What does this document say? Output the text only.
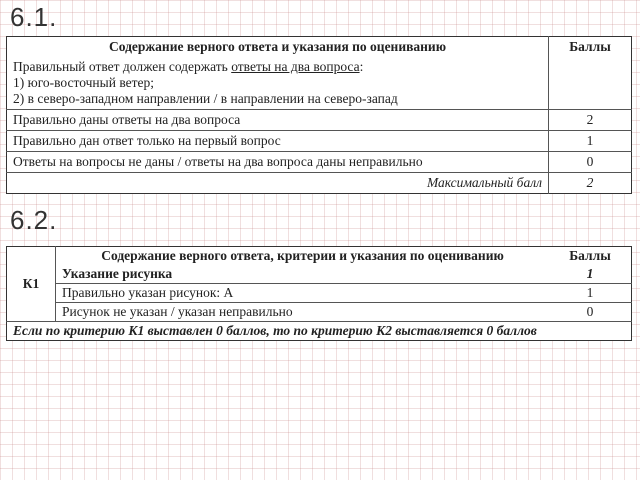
6.1.
Содержание верного ответа и указания по оцениванию	Баллы
Правильный ответ должен содержать ответы на два вопроса:
1) юго-восточный ветер;
2) в северо-западном направлении / в направлении на северо-запад	
Правильно даны ответы на два вопроса	2
Правильно дан ответ только на первый вопрос	1
Ответы на вопросы не даны / ответы на два вопроса даны неправильно	0
Максимальный балл	2
6.2.
К1	Содержание верного ответа, критерии и указания по оцениванию	Баллы
	Указание рисунка	1
	Правильно указан рисунок: А	1
	Рисунок не указан / указан неправильно	0
Если по критерию К1 выставлен 0 баллов, то по критерию К2 выставляется 0 баллов		
